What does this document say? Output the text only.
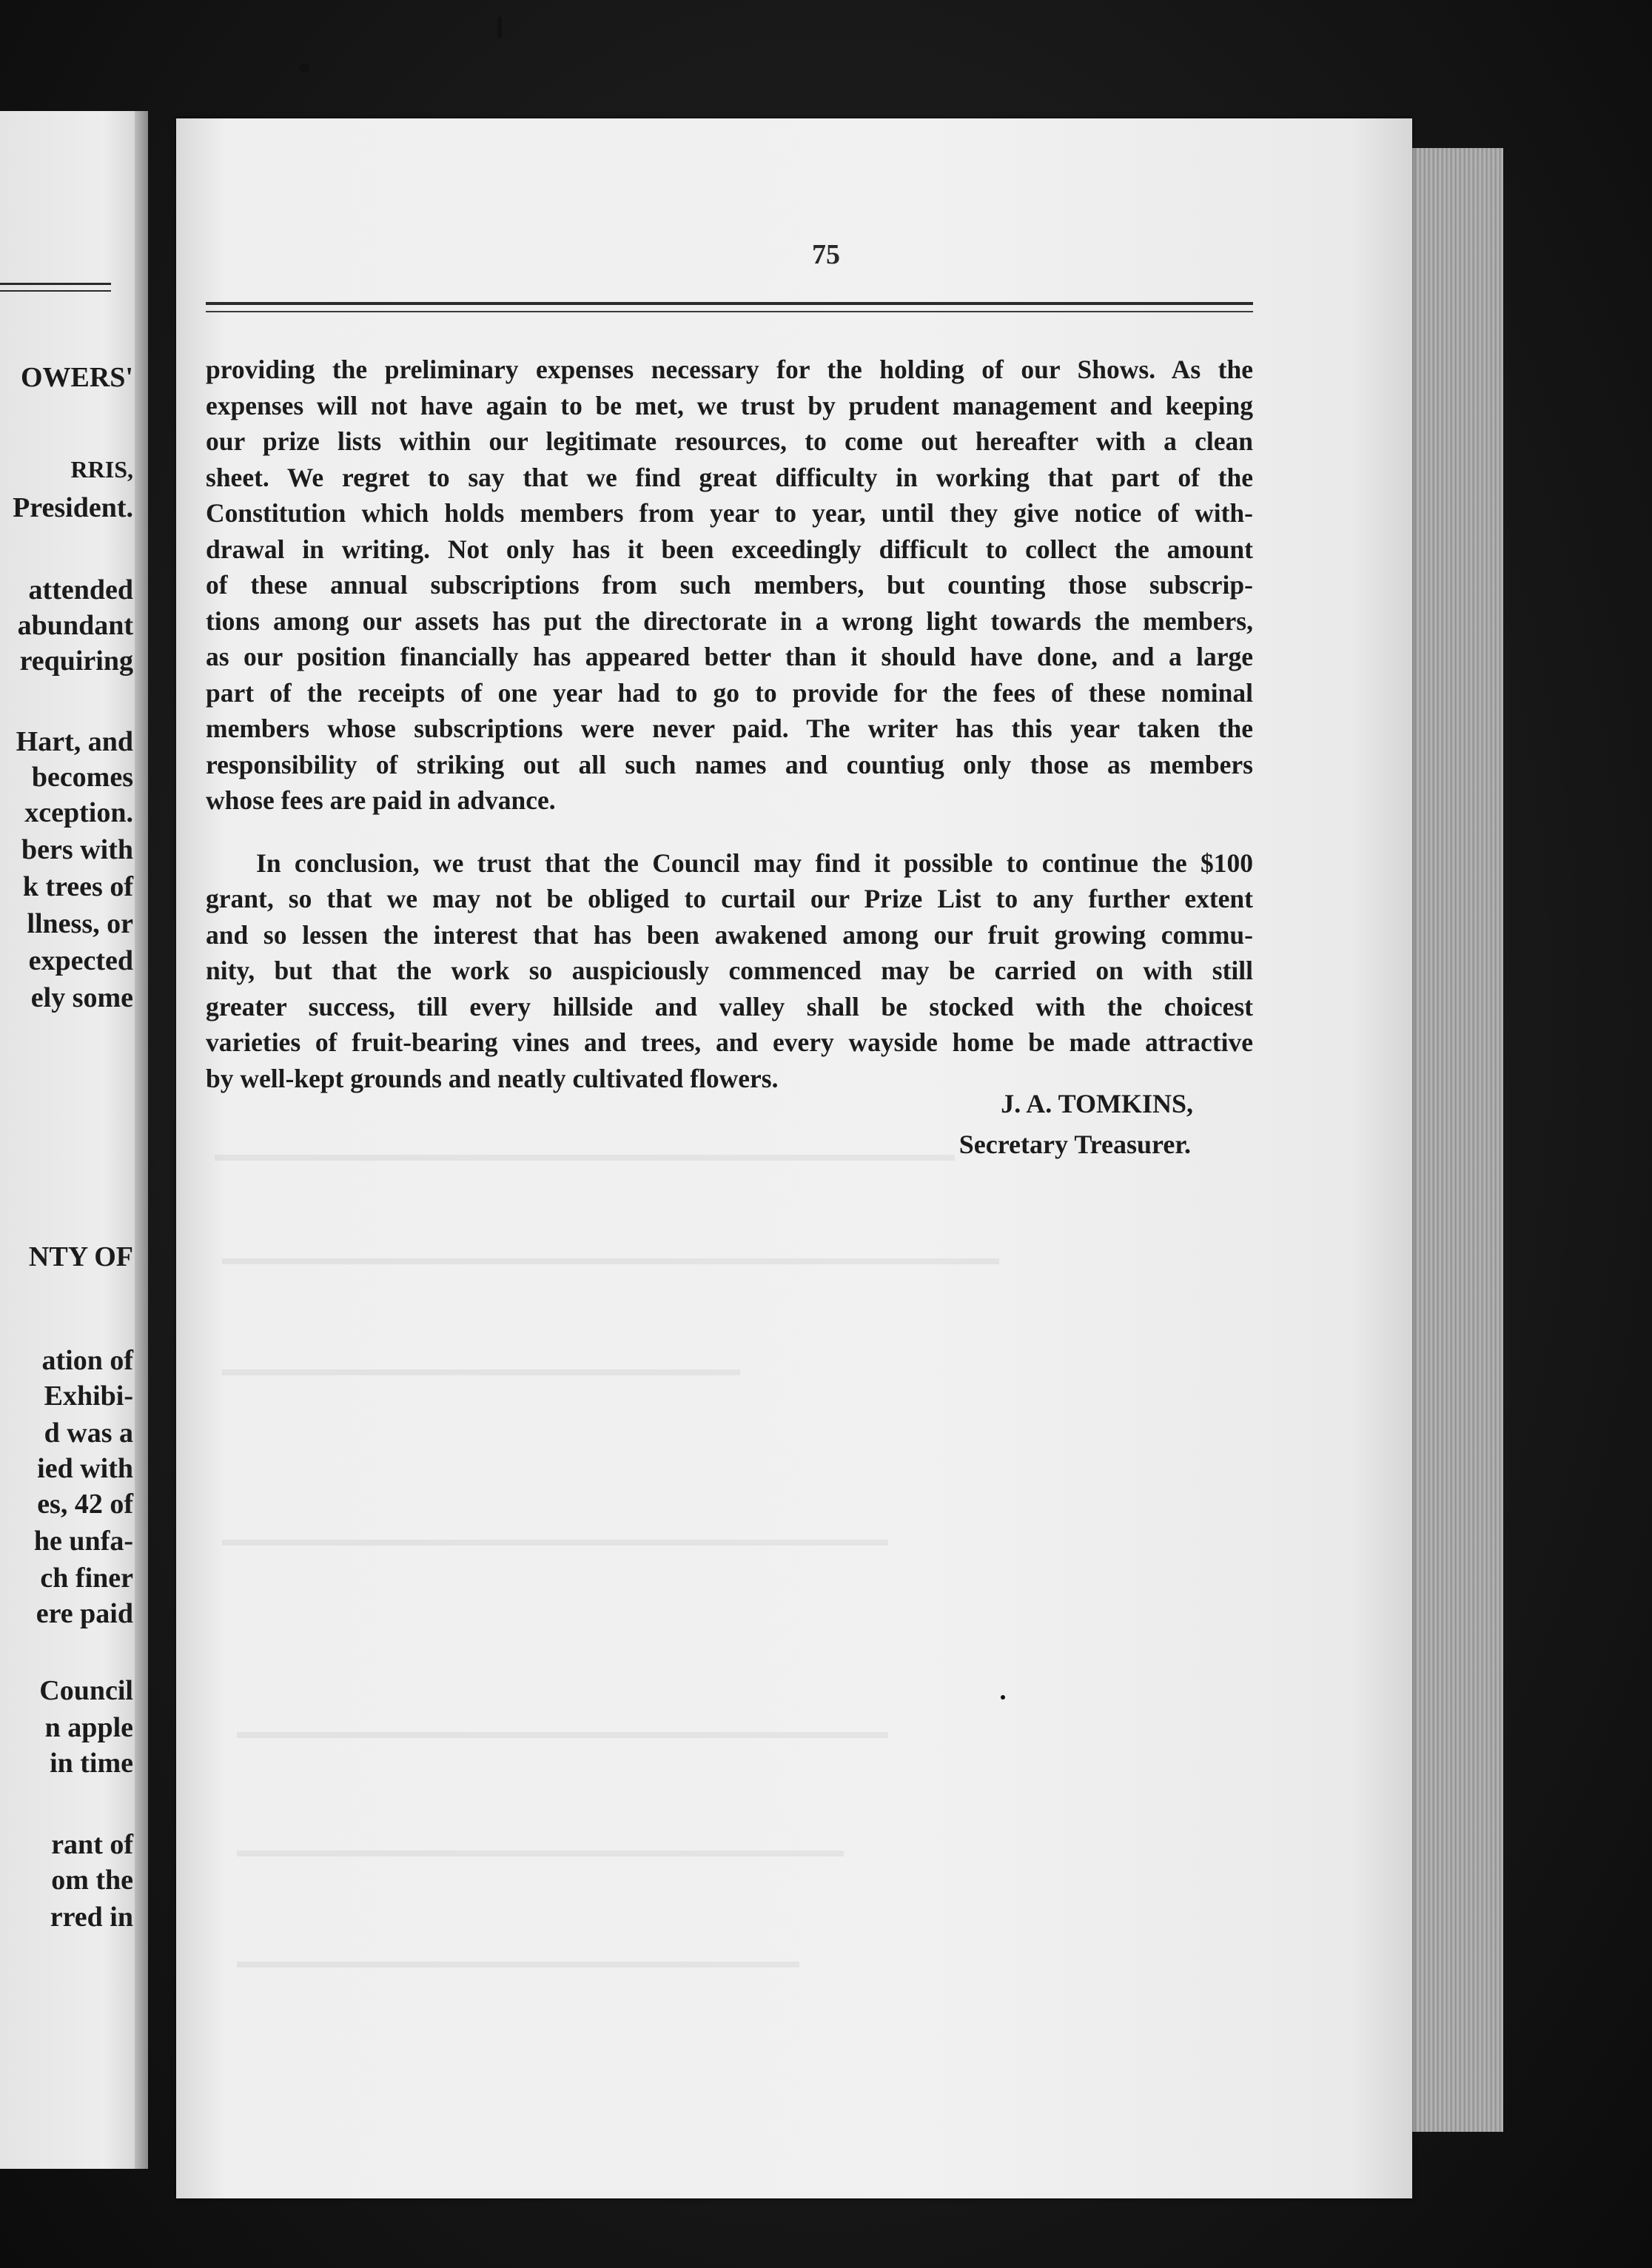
OWERS'
RRIS,
President.
attended
abundant
requiring
Hart, and
becomes
xception.
bers with
k trees of
llness, or
expected
ely some
NTY OF
ation of
Exhibi-
d was a
ied with
es, 42 of
he unfa-
ch finer
ere paid
Council
n apple
in time
rant of
om the
rred in
75
providing the preliminary expenses necessary for the holding of our Shows. As the
expenses will not have again to be met, we trust by prudent management and keeping
our prize lists within our legitimate resources, to come out hereafter with a clean
sheet. We regret to say that we find great difficulty in working that part of the
Constitution which holds members from year to year, until they give notice of with-
drawal in writing. Not only has it been exceedingly difficult to collect the amount
of these annual subscriptions from such members, but counting those subscrip-
tions among our assets has put the directorate in a wrong light towards the members,
as our position financially has appeared better than it should have done, and a large
part of the receipts of one year had to go to provide for the fees of these nominal
members whose subscriptions were never paid. The writer has this year taken the
responsibility of striking out all such names and countiug only those as members
whose fees are paid in advance.
In conclusion, we trust that the Council may find it possible to continue the $100
grant, so that we may not be obliged to curtail our Prize List to any further extent
and so lessen the interest that has been awakened among our fruit growing commu-
nity, but that the work so auspiciously commenced may be carried on with still
greater success, till every hillside and valley shall be stocked with the choicest
varieties of fruit-bearing vines and trees, and every wayside home be made attractive
by well-kept grounds and neatly cultivated flowers.
J. A. TOMKINS,
Secretary Treasurer.
